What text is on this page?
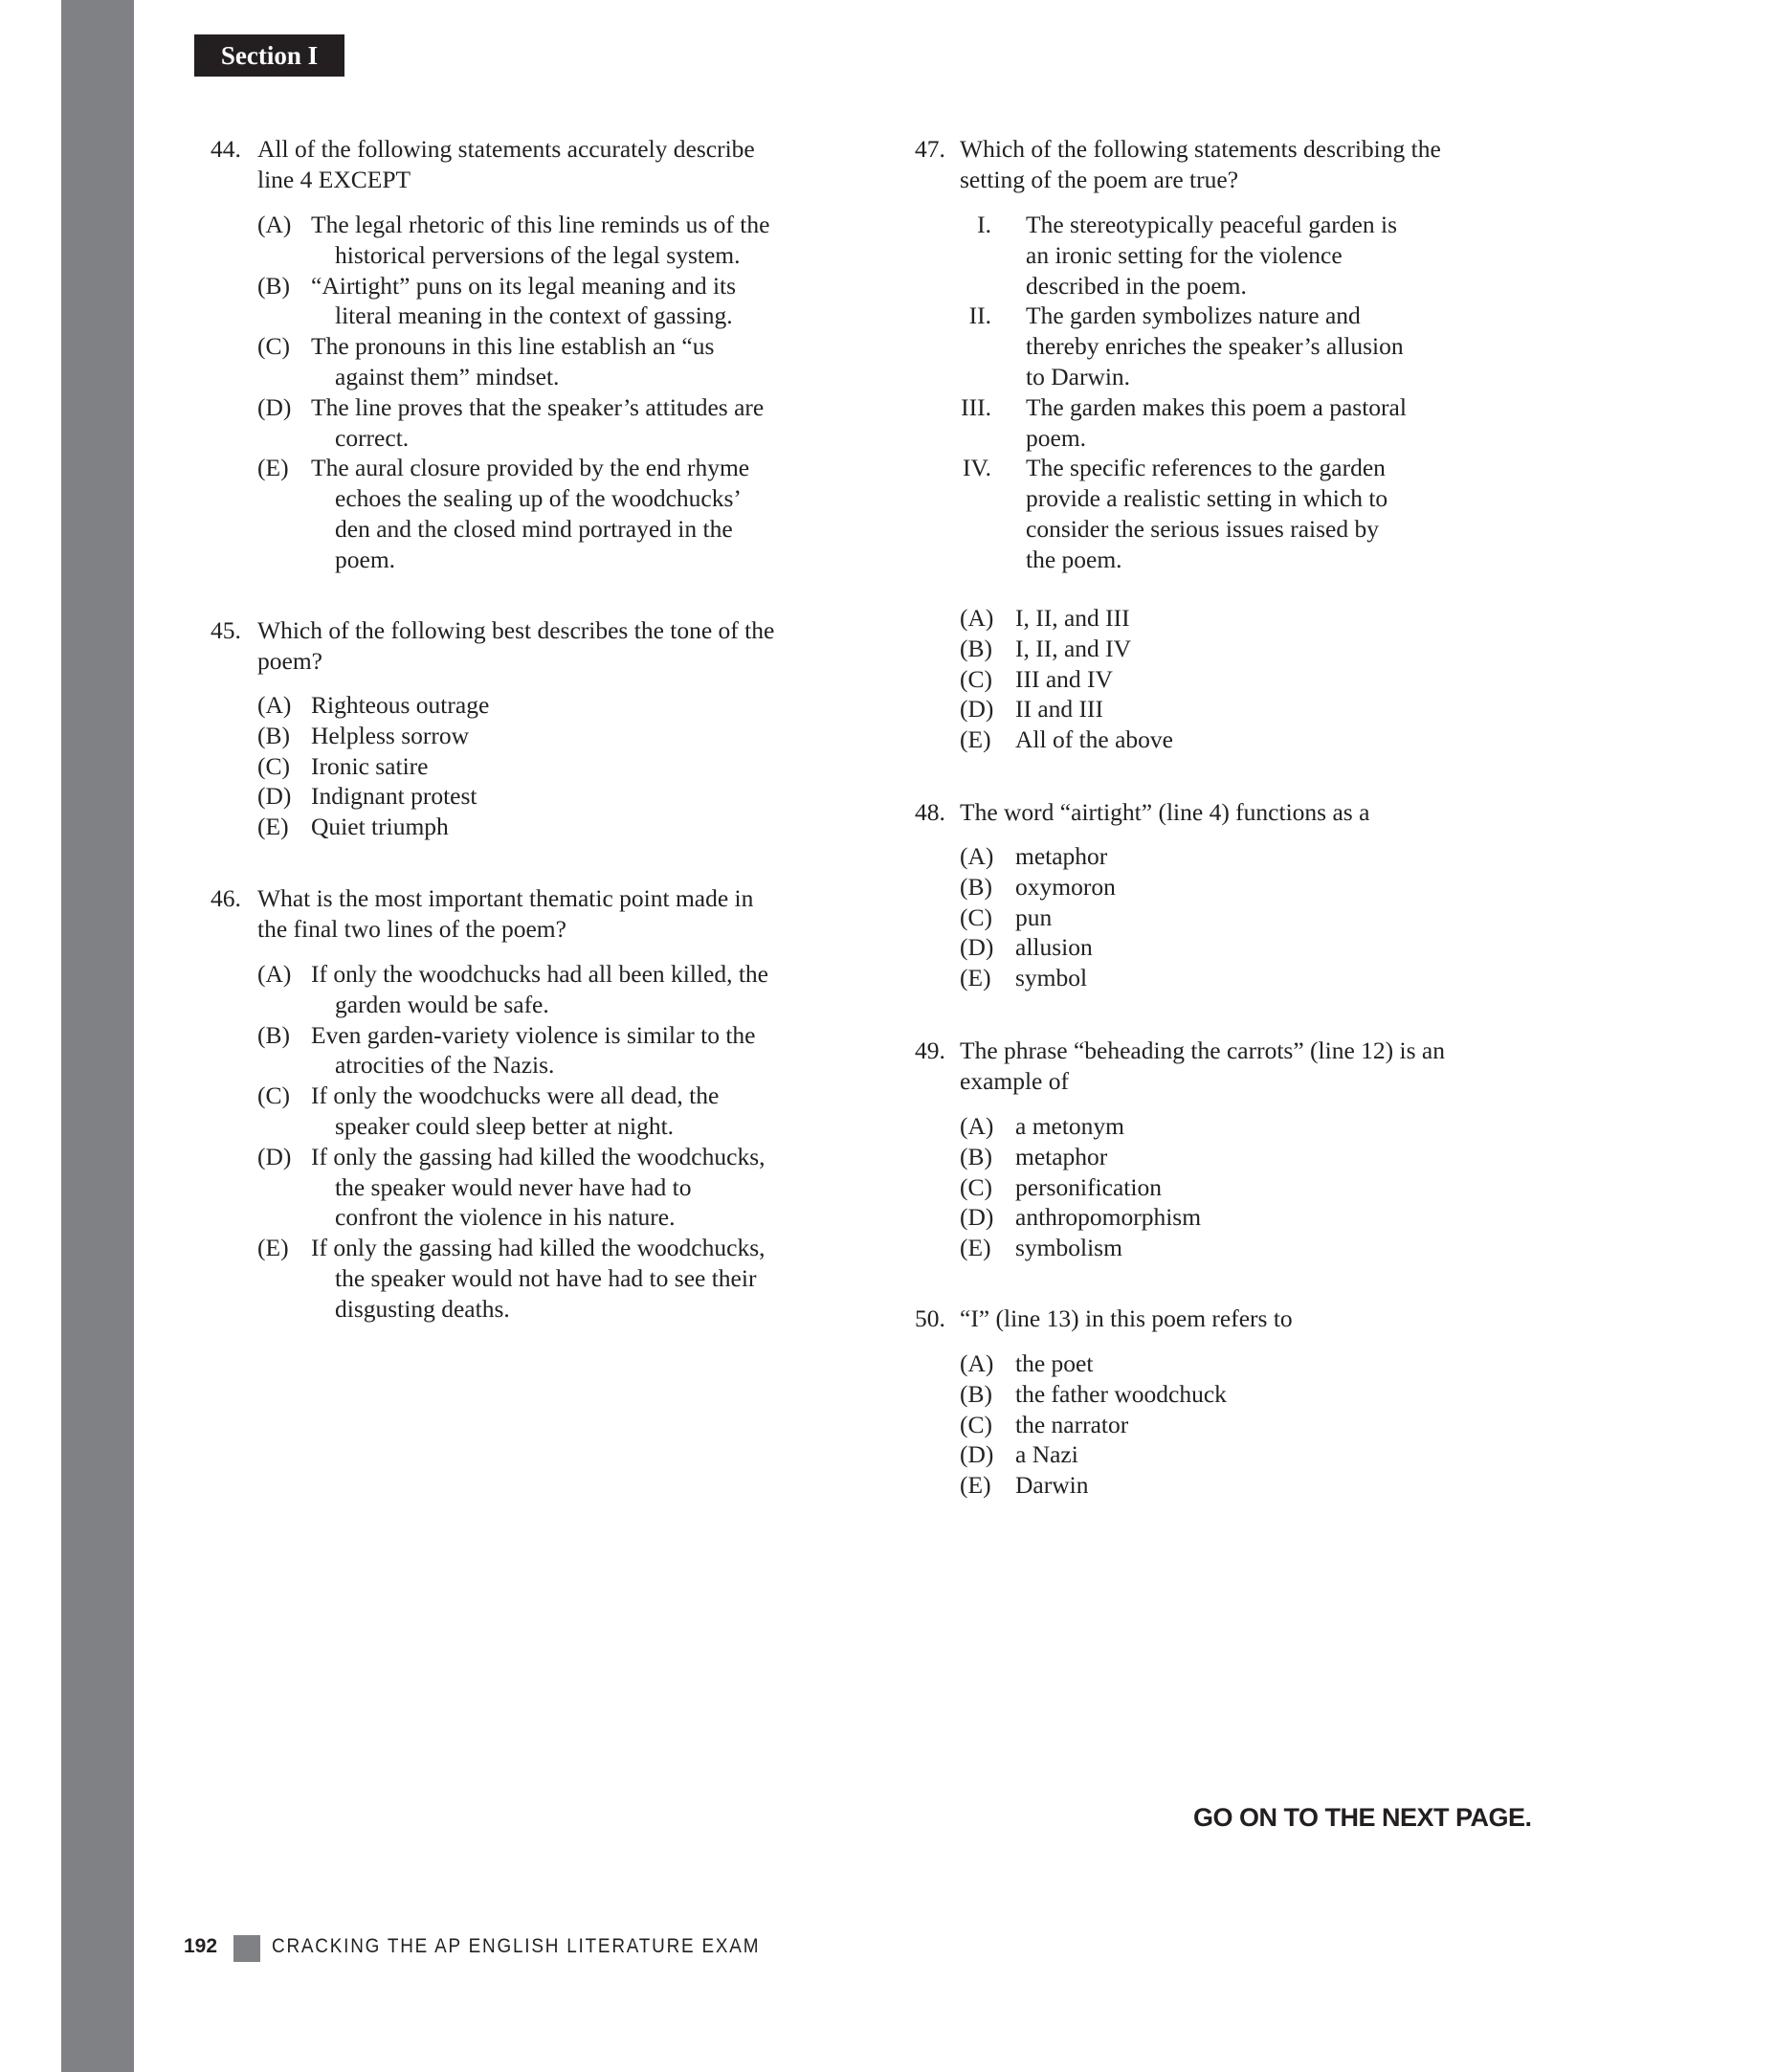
Section I
44. All of the following statements accurately describe
line 4 EXCEPT
(A) The legal rhetoric of this line reminds us of the
historical perversions of the legal system.
(B) “Airtight” puns on its legal meaning and its
literal meaning in the context of gassing.
(C) The pronouns in this line establish an “us
against them” mindset.
(D) The line proves that the speaker’s attitudes are
correct.
(E) The aural closure provided by the end rhyme
echoes the sealing up of the woodchucks’
den and the closed mind portrayed in the
poem.
45. Which of the following best describes the tone of the
poem?
(A) Righteous outrage
(B) Helpless sorrow
(C) Ironic satire
(D) Indignant protest
(E) Quiet triumph
46. What is the most important thematic point made in
the final two lines of the poem?
(A) If only the woodchucks had all been killed, the
garden would be safe.
(B) Even garden-variety violence is similar to the
atrocities of the Nazis.
(C) If only the woodchucks were all dead, the
speaker could sleep better at night.
(D) If only the gassing had killed the woodchucks,
the speaker would never have had to
confront the violence in his nature.
(E) If only the gassing had killed the woodchucks,
the speaker would not have had to see their
disgusting deaths.
47. Which of the following statements describing the
setting of the poem are true?
I. The stereotypically peaceful garden is
an ironic setting for the violence
described in the poem.
II. The garden symbolizes nature and
thereby enriches the speaker’s allusion
to Darwin.
III. The garden makes this poem a pastoral
poem.
IV. The specific references to the garden
provide a realistic setting in which to
consider the serious issues raised by
the poem.
(A) I, II, and III
(B) I, II, and IV
(C) III and IV
(D) II and III
(E) All of the above
48. The word “airtight” (line 4) functions as a
(A) metaphor
(B) oxymoron
(C) pun
(D) allusion
(E) symbol
49. The phrase “beheading the carrots” (line 12) is an
example of
(A) a metonym
(B) metaphor
(C) personification
(D) anthropomorphism
(E) symbolism
50. “I” (line 13) in this poem refers to
(A) the poet
(B) the father woodchuck
(C) the narrator
(D) a Nazi
(E) Darwin
GO ON TO THE NEXT PAGE.
192	CRACKING THE AP ENGLISH LITERATURE EXAM
